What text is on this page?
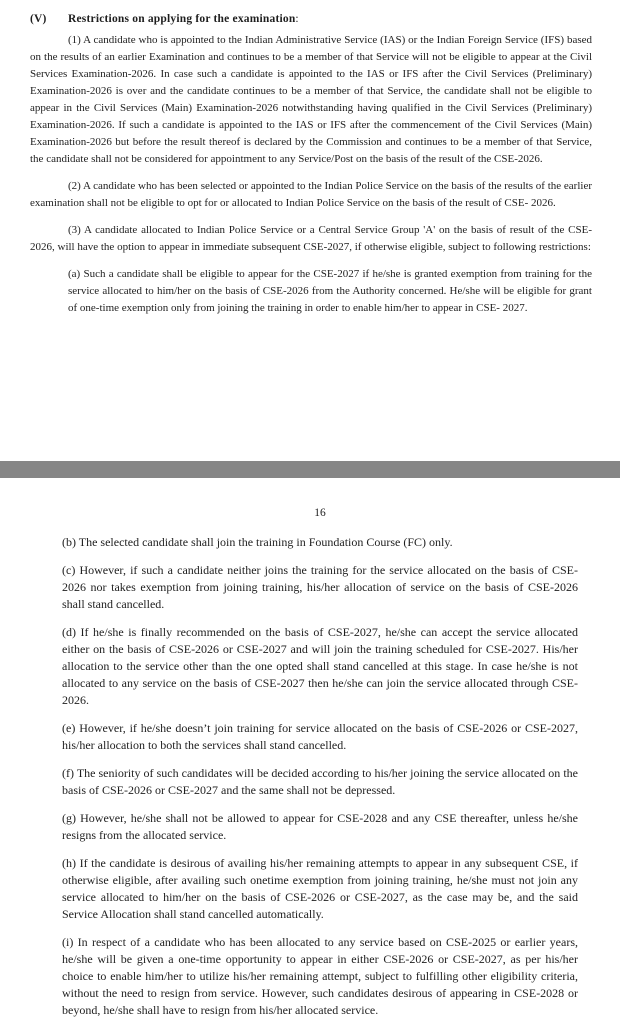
(V)	Restrictions on applying for the examination:

(1) A candidate who is appointed to the Indian Administrative Service (IAS) or the Indian Foreign Service (IFS) based on the results of an earlier Examination and continues to be a member of that Service will not be eligible to appear at the Civil Services Examination-2026. In case such a candidate is appointed to the IAS or IFS after the Civil Services (Preliminary) Examination-2026 is over and the candidate continues to be a member of that Service, the candidate shall not be eligible to appear in the Civil Services (Main) Examination-2026 notwithstanding having qualified in the Civil Services (Preliminary) Examination-2026. If such a candidate is appointed to the IAS or IFS after the commencement of the Civil Services (Main) Examination-2026 but before the result thereof is declared by the Commission and continues to be a member of that Service, the candidate shall not be considered for appointment to any Service/Post on the basis of the result of the CSE-2026.

(2) A candidate who has been selected or appointed to the Indian Police Service on the basis of the results of the earlier examination shall not be eligible to opt for or allocated to Indian Police Service on the basis of the result of CSE- 2026.

(3) A candidate allocated to Indian Police Service or a Central Service Group 'A' on the basis of result of the CSE-2026, will have the option to appear in immediate subsequent CSE-2027, if otherwise eligible, subject to following restrictions:

(a) Such a candidate shall be eligible to appear for the CSE-2027 if he/she is granted exemption from training for the service allocated to him/her on the basis of CSE-2026 from the Authority concerned. He/she will be eligible for grant of one-time exemption only from joining the training in order to enable him/her to appear in CSE- 2027.

16

(b) The selected candidate shall join the training in Foundation Course (FC) only.

(c) However, if such a candidate neither joins the training for the service allocated on the basis of CSE-2026 nor takes exemption from joining training, his/her allocation of service on the basis of CSE-2026 shall stand cancelled.

(d) If he/she is finally recommended on the basis of CSE-2027, he/she can accept the service allocated either on the basis of CSE-2026 or CSE-2027 and will join the training scheduled for CSE-2027. His/her allocation to the service other than the one opted shall stand cancelled at this stage. In case he/she is not allocated to any service on the basis of CSE-2027 then he/she can join the service allocated through CSE-2026.

(e) However, if he/she doesn’t join training for service allocated on the basis of CSE-2026 or CSE-2027, his/her allocation to both the services shall stand cancelled.

(f) The seniority of such candidates will be decided according to his/her joining the service allocated on the basis of CSE-2026 or CSE-2027 and the same shall not be depressed.

(g) However, he/she shall not be allowed to appear for CSE-2028 and any CSE thereafter, unless he/she resigns from the allocated service.

(h) If the candidate is desirous of availing his/her remaining attempts to appear in any subsequent CSE, if otherwise eligible, after availing such onetime exemption from joining training, he/she must not join any service allocated to him/her on the basis of CSE-2026 or CSE-2027, as the case may be, and the said Service Allocation shall stand cancelled automatically.

(i) In respect of a candidate who has been allocated to any service based on CSE-2025 or earlier years, he/she will be given a one-time opportunity to appear in either CSE-2026 or CSE-2027, as per his/her choice to enable him/her to utilize his/her remaining attempt, subject to fulfilling other eligibility criteria, without the need to resign from service. However, such candidates desirous of appearing in CSE-2028 or beyond, he/she shall have to resign from his/her allocated service.
